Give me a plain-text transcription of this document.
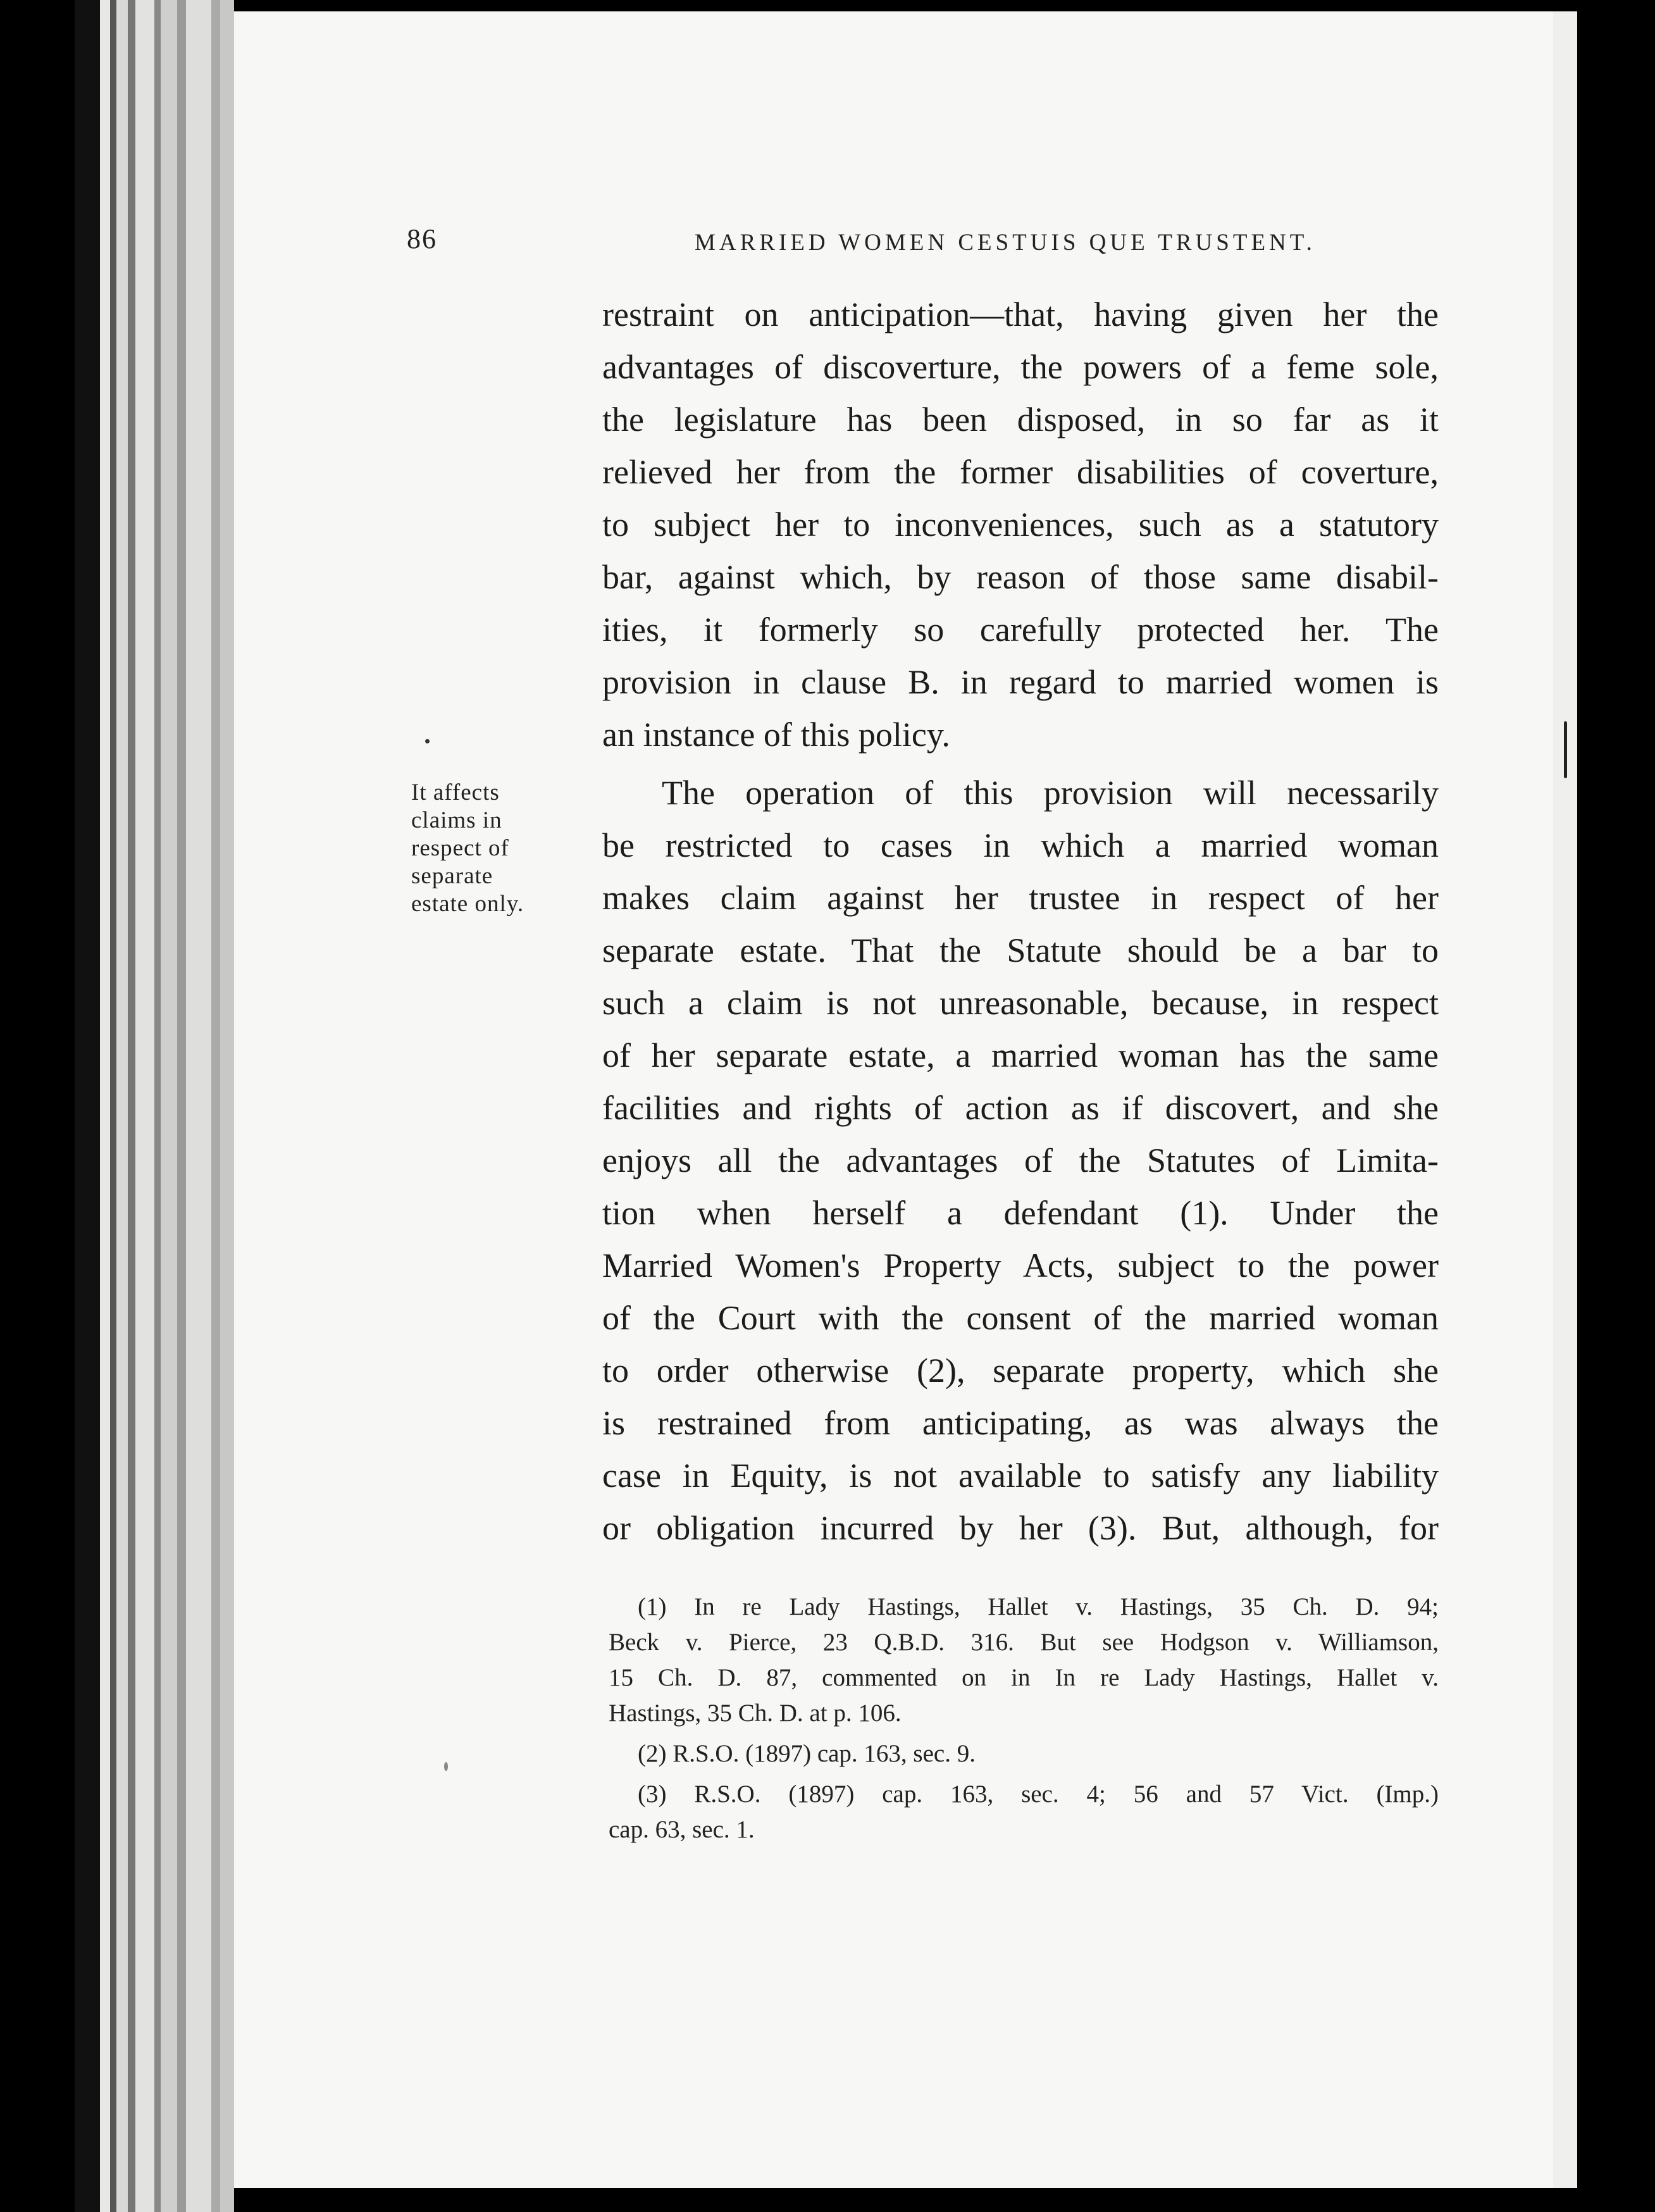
86	MARRIED WOMEN CESTUIS QUE TRUSTENT.
restraint on anticipation—that, having given her the
advantages of discoverture, the powers of a feme sole,
the legislature has been disposed, in so far as it
relieved her from the former disabilities of coverture,
to subject her to inconveniences, such as a statutory
bar, against which, by reason of those same disabil-
ities, it formerly so carefully protected her. The
provision in clause B. in regard to married women is
an instance of this policy.
The operation of this provision will necessarily
be restricted to cases in which a married woman
makes claim against her trustee in respect of her
separate estate. That the Statute should be a bar to
such a claim is not unreasonable, because, in respect
of her separate estate, a married woman has the same
facilities and rights of action as if discovert, and she
enjoys all the advantages of the Statutes of Limita-
tion when herself a defendant (1). Under the
Married Women's Property Acts, subject to the power
of the Court with the consent of the married woman
to order otherwise (2), separate property, which she
is restrained from anticipating, as was always the
case in Equity, is not available to satisfy any liability
or obligation incurred by her (3). But, although, for
It affects
claims in
respect of
separate
estate only.
(1) In re Lady Hastings, Hallet v. Hastings, 35 Ch. D. 94;
Beck v. Pierce, 23 Q.B.D. 316. But see Hodgson v. Williamson,
15 Ch. D. 87, commented on in In re Lady Hastings, Hallet v.
Hastings, 35 Ch. D. at p. 106.
(2) R.S.O. (1897) cap. 163, sec. 9.
(3) R.S.O. (1897) cap. 163, sec. 4; 56 and 57 Vict. (Imp.)
cap. 63, sec. 1.
